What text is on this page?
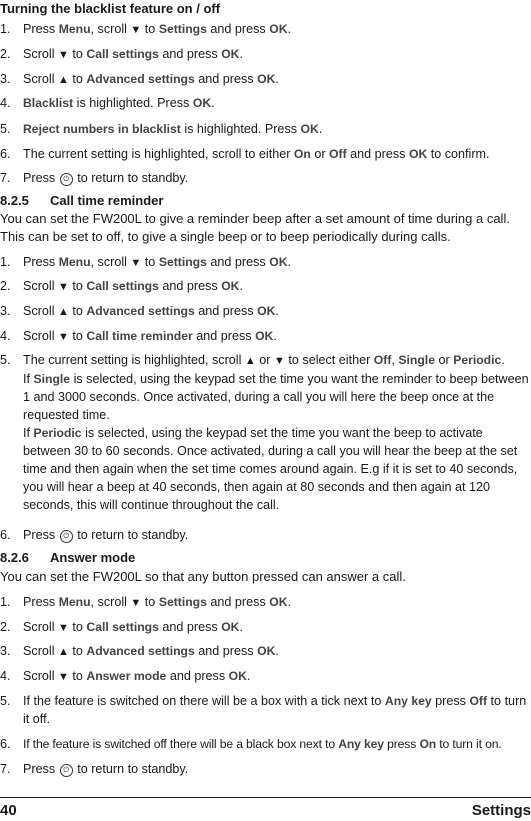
Turning the blacklist feature on / off
1. Press Menu, scroll ▼ to Settings and press OK.
2. Scroll ▼ to Call settings and press OK.
3. Scroll ▲ to Advanced settings and press OK.
4.	Blacklist is highlighted. Press OK.
5.	Reject numbers in blacklist is highlighted. Press OK.
6. The current setting is highlighted, scroll to either On or Off and press OK to confirm.
7. Press ⏻ to return to standby.
8.2.5 Call time reminder
You can set the FW200L to give a reminder beep after a set amount of time during a call. This can be set to off, to give a single beep or to beep periodically during calls.
1. Press Menu, scroll ▼ to Settings and press OK.
2. Scroll ▼ to Call settings and press OK.
3. Scroll ▲ to Advanced settings and press OK.
4. Scroll ▼ to Call time reminder and press OK.
5. The current setting is highlighted, scroll ▲ or ▼ to select either Off, Single or Periodic.
If Single is selected, using the keypad set the time you want the reminder to beep between 1 and 3000 seconds. Once activated, during a call you will here the beep once at the requested time.
If Periodic is selected, using the keypad set the time you want the beep to activate between 30 to 60 seconds. Once activated, during a call you will hear the beep at the set time and then again when the set time comes around again. E.g if it is set to 40 seconds, you will hear a beep at 40 seconds, then again at 80 seconds and then again at 120 seconds, this will continue throughout the call.
6. Press ⏻ to return to standby.
8.2.6 Answer mode
You can set the FW200L so that any button pressed can answer a call.
1. Press Menu, scroll ▼ to Settings and press OK.
2. Scroll ▼ to Call settings and press OK.
3. Scroll ▲ to Advanced settings and press OK.
4. Scroll ▼ to Answer mode and press OK.
5. If the feature is switched on there will be a box with a tick next to Any key press Off to turn it off.
6.	If the feature is switched off there will be a black box next to Any key press On to turn it on.
7. Press ⏻ to return to standby.
40	Settings
